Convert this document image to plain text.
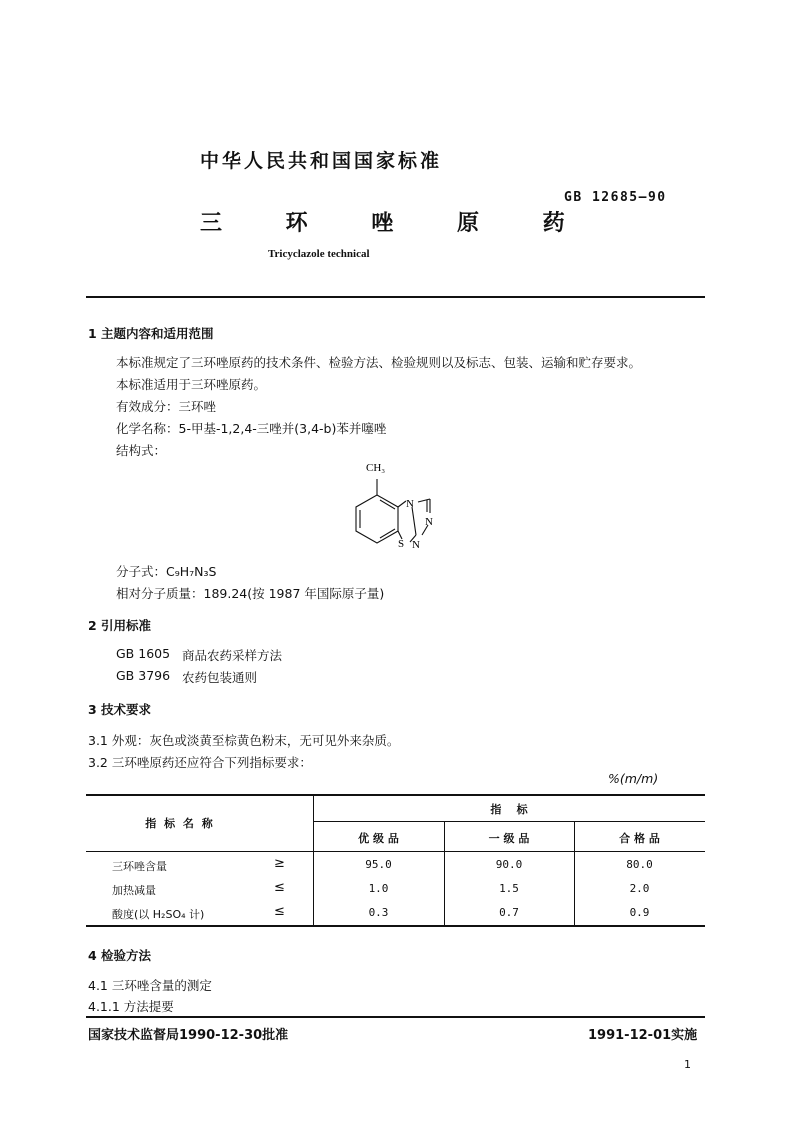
中华人民共和国国家标准
GB 12685—90
三 环 唑 原 药
Tricyclazole technical
1 主题内容和适用范围
本标准规定了三环唑原药的技术条件、检验方法、检验规则以及标志、包装、运输和贮存要求。
本标准适用于三环唑原药。
有效成分：三环唑
化学名称：5-甲基-1,2,4-三唑并(3,4-b)苯并噻唑
结构式：
CH₃
N
N
N
S
分子式：C₉H₇N₃S
相对分子质量：189.24(按 1987 年国际原子量)
2 引用标准
GB 1605 商品农药采样方法
GB 3796 农药包装通则
3 技术要求
3.1 外观：灰色或淡黄至棕黄色粉末，无可见外来杂质。
3.2 三环唑原药还应符合下列指标要求：
%(m/m)
指 标 名 称
指    标
优 级 品	一 级 品	合 格 品
三环唑含量	≥	95.0	90.0	80.0
加热减量	≤	1.0	1.5	2.0
酸度(以 H₂SO₄ 计)	≤	0.3	0.7	0.9
4 检验方法
4.1 三环唑含量的测定
4.1.1 方法提要
国家技术监督局1990-12-30批准	1991-12-01实施
1
